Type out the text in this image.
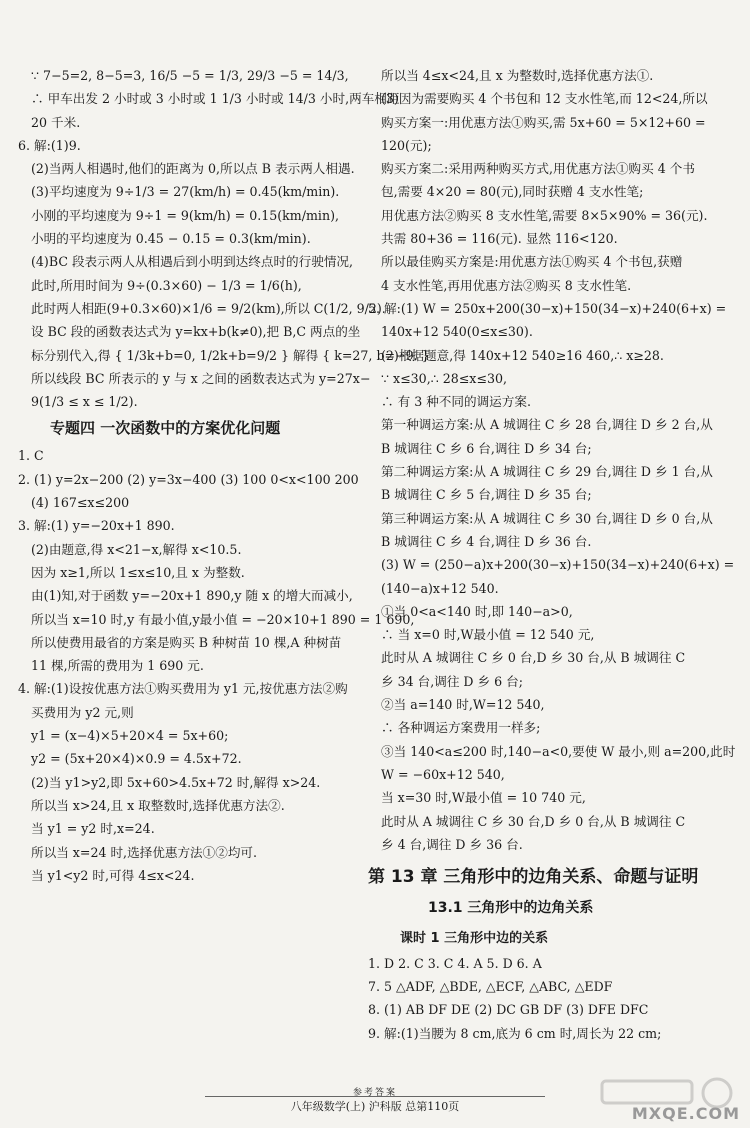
∵ 7−5=2, 8−5=3, 16/5 −5 = 1/3, 29/3 −5 = 14/3,
∴ 甲车出发 2 小时或 3 小时或 1 1/3 小时或 14/3 小时,两车相距
20 千米.
6. 解:(1)9.
(2)当两人相遇时,他们的距离为 0,所以点 B 表示两人相遇.
(3)平均速度为 9÷1/3 = 27(km/h) = 0.45(km/min).
小刚的平均速度为 9÷1 = 9(km/h) = 0.15(km/min),
小明的平均速度为 0.45 − 0.15 = 0.3(km/min).
(4)BC 段表示两人从相遇后到小明到达终点时的行驶情况,
此时,所用时间为 9÷(0.3×60) − 1/3 = 1/6(h),
此时两人相距(9+0.3×60)×1/6 = 9/2(km),所以 C(1/2, 9/2).
设 BC 段的函数表达式为 y=kx+b(k≠0),把 B,C 两点的坐
标分别代入,得 { 1/3k+b=0, 1/2k+b=9/2 } 解得 { k=27, b=−9. }
所以线段 BC 所表示的 y 与 x 之间的函数表达式为 y=27x−
9(1/3 ≤ x ≤ 1/2).
专题四 一次函数中的方案优化问题
1. C
2. (1) y=2x−200 (2) y=3x−400 (3) 100 0<x<100 200
(4) 167≤x≤200
3. 解:(1) y=−20x+1 890.
(2)由题意,得 x<21−x,解得 x<10.5.
因为 x≥1,所以 1≤x≤10,且 x 为整数.
由(1)知,对于函数 y=−20x+1 890,y 随 x 的增大而减小,
所以当 x=10 时,y 有最小值,y最小值 = −20×10+1 890 = 1 690,
所以使费用最省的方案是购买 B 种树苗 10 棵,A 种树苗
11 棵,所需的费用为 1 690 元.
4. 解:(1)设按优惠方法①购买费用为 y1 元,按优惠方法②购
买费用为 y2 元,则
y1 = (x−4)×5+20×4 = 5x+60;
y2 = (5x+20×4)×0.9 = 4.5x+72.
(2)当 y1>y2,即 5x+60>4.5x+72 时,解得 x>24.
所以当 x>24,且 x 取整数时,选择优惠方法②.
当 y1 = y2 时,x=24.
所以当 x=24 时,选择优惠方法①②均可.
当 y1<y2 时,可得 4≤x<24.
所以当 4≤x<24,且 x 为整数时,选择优惠方法①.
(3)因为需要购买 4 个书包和 12 支水性笔,而 12<24,所以
购买方案一:用优惠方法①购买,需 5x+60 = 5×12+60 =
120(元);
购买方案二:采用两种购买方式,用优惠方法①购买 4 个书
包,需要 4×20 = 80(元),同时获赠 4 支水性笔;
用优惠方法②购买 8 支水性笔,需要 8×5×90% = 36(元).
共需 80+36 = 116(元). 显然 116<120.
所以最佳购买方案是:用优惠方法①购买 4 个书包,获赠
4 支水性笔,再用优惠方法②购买 8 支水性笔.
5. 解:(1) W = 250x+200(30−x)+150(34−x)+240(6+x) =
140x+12 540(0≤x≤30).
(2)根据题意,得 140x+12 540≥16 460,∴ x≥28.
∵ x≤30,∴ 28≤x≤30,
∴ 有 3 种不同的调运方案.
第一种调运方案:从 A 城调往 C 乡 28 台,调往 D 乡 2 台,从
B 城调往 C 乡 6 台,调往 D 乡 34 台;
第二种调运方案:从 A 城调往 C 乡 29 台,调往 D 乡 1 台,从
B 城调往 C 乡 5 台,调往 D 乡 35 台;
第三种调运方案:从 A 城调往 C 乡 30 台,调往 D 乡 0 台,从
B 城调往 C 乡 4 台,调往 D 乡 36 台.
(3) W = (250−a)x+200(30−x)+150(34−x)+240(6+x) =
(140−a)x+12 540.
①当 0<a<140 时,即 140−a>0,
∴ 当 x=0 时,W最小值 = 12 540 元,
此时从 A 城调往 C 乡 0 台,D 乡 30 台,从 B 城调往 C
乡 34 台,调往 D 乡 6 台;
②当 a=140 时,W=12 540,
∴ 各种调运方案费用一样多;
③当 140<a≤200 时,140−a<0,要使 W 最小,则 a=200,此时
W = −60x+12 540,
当 x=30 时,W最小值 = 10 740 元,
此时从 A 城调往 C 乡 30 台,D 乡 0 台,从 B 城调往 C
乡 4 台,调往 D 乡 36 台.
第 13 章 三角形中的边角关系、命题与证明
13.1 三角形中的边角关系
课时 1 三角形中边的关系
1. D 2. C 3. C 4. A 5. D 6. A
7. 5 △ADF, △BDE, △ECF, △ABC, △EDF
8. (1) AB DF DE (2) DC GB DF (3) DFE DFC
9. 解:(1)当腰为 8 cm,底为 6 cm 时,周长为 22 cm;
参考答案
八年级数学(上) 沪科版 总第110页	MXQE.COM
